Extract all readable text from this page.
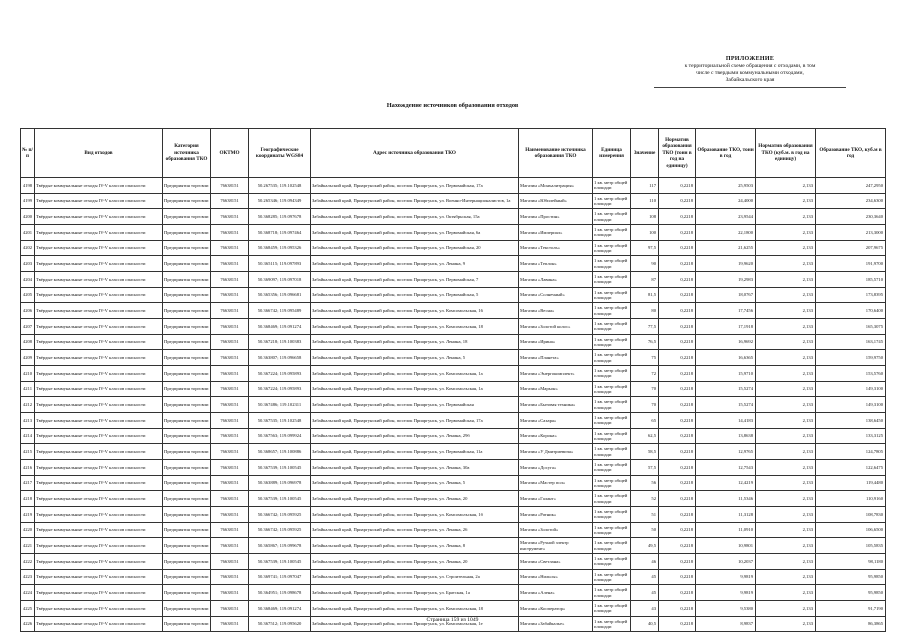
ПРИЛОЖЕНИЕ
к территориальной схеме обращения с отходами, в том
числе с твердыми коммунальными отходами,
Забайкальского края
Нахождение источников образования отходов
№ п/п	Вид отходов	Категория источника образования ТКО	ОКТМО	Географические координаты WGS84	Адрес источника образования ТКО	Наименование источника образования ТКО	Единица измерения	Значение	Норматив образования ТКО (тонн в год на единицу)	Образование ТКО, тонн в год	Норматив образования ТКО (куб.м. в год на единицу)	Образование ТКО, куб.м в год
4198	Твёрдые коммунальные отходы IV-V классов опасности	Предприятия торговли	76638151	50.267535; 119.102548	Забайкальский край, Приаргунский район, поселок Приаргунск, ул. Первомайская, 17а	Магазин «Монъалитрация»	1 кв. метр общей площади	117	0,2218	25,9503	2,133	247,2950
4199	Твёрдые коммунальные отходы IV-V классов опасности	Предприятия торговли	76638151	50.265346; 119.094349	Забайкальский край, Приаргунский район, поселок Приаргунск, ул. Военно-Интернационалистов, 1а	Магазин «Юбилейный»	1 кв. метр общей площади	110	0,2218	24,4000	2,133	234,6300
4200	Твёрдые коммунальные отходы IV-V классов опасности	Предприятия торговли	76638151	50.368285; 119.097678	Забайкальский край, Приаргунский район, поселок Приаргунск, ул. Октябрьская, 15а	Магазин «Простин»	1 кв. метр общей площади	108	0,2218	23,9544	2,133	230,3640
4201	Твёрдые коммунальные отходы IV-V классов опасности	Предприятия торговли	76638151	50.368718; 119.097464	Забайкальский край, Приаргунский район, поселок Приаргунск, ул. Первомайская, 6а	Магазин «Империал»	1 кв. метр общей площади	100	0,2218	22,1800	2,133	213,3000
4202	Твёрдые коммунальные отходы IV-V классов опасности	Предприятия торговли	76638151	50.368459; 119.095326	Забайкальский край, Приаргунский район, поселок Приаргунск, ул. Первомайская, 20	Магазин «Текстоль»	1 кв. метр общей площади	97,5	0,2218	21,6255	2,133	207,9675
4203	Твёрдые коммунальные отходы IV-V классов опасности	Предприятия торговли	76638151	50.365115; 119.097893	Забайкальский край, Приаргунский район, поселок Приаргунск, ул. Ленина, 9	Магазин «Теплон»	1 кв. метр общей площади	90	0,2218	19,9620	2,133	191,9700
4204	Твёрдые коммунальные отходы IV-V классов опасности	Предприятия торговли	76638151	50.369097; 119.097018	Забайкальский край, Приаргунский район, поселок Приаргунск, ул. Первомайская, 7	Магазин «Лавина»	1 кв. метр общей площади	87	0,2218	19,2983	2,133	185,5710
4205	Твёрдые коммунальные отходы IV-V классов опасности	Предприятия торговли	76638151	50.365356; 119.096681	Забайкальский край, Приаргунский район, поселок Приаргунск, ул. Первомайская, 5	Магазин «Солнечный»	1 кв. метр общей площади	81,5	0,2218	18,0767	2,133	173,8395
4206	Твёрдые коммунальные отходы IV-V классов опасности	Предприятия торговли	76638151	50.366742; 119.095489	Забайкальский край, Приаргунский район, поселок Приаргунск, ул. Комсомольская, 16	Магазин «Весна»	1 кв. метр общей площади	80	0,2218	17,7456	2,133	170,6400
4207	Твёрдые коммунальные отходы IV-V классов опасности	Предприятия торговли	76638151	50.368469; 119.091274	Забайкальский край, Приаргунский район, поселок Приаргунск, ул. Комсомольская, 18	Магазин «Золотой колос»	1 кв. метр общей площади	77,5	0,2218	17,1918	2,133	165,3075
4208	Твёрдые коммунальные отходы IV-V классов опасности	Предприятия торговли	76638151	50.367218; 119.100383	Забайкальский край, Приаргунский район, поселок Приаргунск, ул. Ленина, 18	Магазин «Ирина»	1 кв. метр общей площади	76,5	0,2218	16,9692	2,133	163,1745
4209	Твёрдые коммунальные отходы IV-V классов опасности	Предприятия торговли	76638151	50.363807; 119.096658	Забайкальский край, Приаргунский район, поселок Приаргунск, ул. Ленина, 5	Магазин «Планета»	1 кв. метр общей площади	75	0,2218	16,6365	2,133	159,9750
4210	Твёрдые коммунальные отходы IV-V классов опасности	Предприятия торговли	76638151	50.367224; 119.095893	Забайкальский край, Приаргунский район, поселок Приаргунск, ул. Комсомольская, 1а	Магазин «Энергокомплект»	1 кв. метр общей площади	72	0,2218	15,9710	2,133	153,5760
4211	Твёрдые коммунальные отходы IV-V классов опасности	Предприятия торговли	76638151	50.367224; 119.095893	Забайкальский край, Приаргунский район, поселок Приаргунск, ул. Комсомольская, 1а	Магазин «Марьон»	1 кв. метр общей площади	70	0,2218	15,5274	2,133	149,3100
4212	Твёрдые коммунальные отходы IV-V классов опасности	Предприятия торговли	76638151	50.367486; 119.102311	Забайкальский край, Приаргунский район, поселок Приаргунск, ул. Первомайская	Магазин «Бытовая техника»	1 кв. метр общей площади	70	0,2218	15,5274	2,133	149,3100
4213	Твёрдые коммунальные отходы IV-V классов опасности	Предприятия торговли	76638151	50.367535; 119.102548	Забайкальский край, Приаргунский район, поселок Приаргунск, ул. Первомайская, 17а	Магазин «Сахара»	1 кв. метр общей площади	65	0,2218	14,4183	2,133	138,6450
4214	Твёрдые коммунальные отходы IV-V классов опасности	Предприятия торговли	76638151	50.367563; 119.099924	Забайкальский край, Приаргунский район, поселок Приаргунск, ул. Ленина, 29б	Магазин «Корона»	1 кв. метр общей площади	62,5	0,2218	13,8638	2,133	133,3125
4215	Твёрдые коммунальные отходы IV-V классов опасности	Предприятия торговли	76638151	50.368657; 119.100886	Забайкальский край, Приаргунский район, поселок Приаргунск, ул. Первомайская, 11а	Магазин «У Дмитриевича»	1 кв. метр общей площади	58,5	0,2218	12,9765	2,133	124,7805
4216	Твёрдые коммунальные отходы IV-V классов опасности	Предприятия торговли	76638151	50.367539; 119.100545	Забайкальский край, Приаргунский район, поселок Приаргунск, ул. Ленина, 30а	Магазин «Досуга»	1 кв. метр общей площади	57,5	0,2218	12,7543	2,133	122,6475
4217	Твёрдые коммунальные отходы IV-V классов опасности	Предприятия торговли	76638151	50.363889; 119.096978	Забайкальский край, Приаргунский район, поселок Приаргунск, ул. Ленина, 5	Магазин «Мастер пол»	1 кв. метр общей площади	56	0,2218	12,4219	2,133	119,4480
4218	Твёрдые коммунальные отходы IV-V классов опасности	Предприятия торговли	76638151	50.367539; 119.100545	Забайкальский край, Приаргунский район, поселок Приаргунск, ул. Ленина, 20	Магазин «Галант»	1 кв. метр общей площади	52	0,2218	11,5346	2,133	110,9160
4219	Твёрдые коммунальные отходы IV-V классов опасности	Предприятия торговли	76638151	50.366742; 119.095925	Забайкальский край, Приаргунский район, поселок Приаргунск, ул. Комсомольская, 1б	Магазин «Ратник»	1 кв. метр общей площади	51	0,2218	11,3128	2,133	108,7830
4220	Твёрдые коммунальные отходы IV-V классов опасности	Предприятия торговли	76638151	50.366742; 119.095925	Забайкальский край, Приаргунский район, поселок Приаргунск, ул. Ленина, 26	Магазин «Золотой»	1 кв. метр общей площади	50	0,2218	11,0910	2,133	106,6500
4221	Твёрдые коммунальные отходы IV-V классов опасности	Предприятия торговли	76638151	50.365867; 119.099678	Забайкальский край, Приаргунский район, поселок Приаргунск, ул. Ленина, 8	Магазин «Ручной электр инструмент»	1 кв. метр общей площади	49,5	0,2218	10,9801	2,133	105,5835
4222	Твёрдые коммунальные отходы IV-V классов опасности	Предприятия торговли	76638151	50.367539; 119.100545	Забайкальский край, Приаргунский район, поселок Приаргунск, ул. Ленина, 20	Магазин «Светлана»	1 кв. метр общей площади	46	0,2218	10,2037	2,133	98,1180
4223	Твёрдые коммунальные отходы IV-V классов опасности	Предприятия торговли	76638151	50.369741; 119.097047	Забайкальский край, Приаргунский район, поселок Приаргунск, ул. Строительная, 2а	Магазин «Нильсы»	1 кв. метр общей площади	45	0,2218	9,9819	2,133	95,9850
4224	Твёрдые коммунальные отходы IV-V классов опасности	Предприятия торговли	76638151	50.364951; 119.098678	Забайкальский край, Приаргунский район, поселок Приаргунск, ул. Братская, 1а	Магазин «Алена»	1 кв. метр общей площади	45	0,2218	9,9819	2,133	95,9850
4225	Твёрдые коммунальные отходы IV-V классов опасности	Предприятия торговли	76638151	50.368469; 119.091274	Забайкальский край, Приаргунский район, поселок Приаргунск, ул. Комсомольская, 18	Магазин «Кооператор»	1 кв. метр общей площади	43	0,2218	9,5380	2,133	91,7190
4226	Твёрдые коммунальные отходы IV-V классов опасности	Предприятия торговли	76638151	50.367512; 119.095620	Забайкальский край, Приаргунский район, поселок Приаргунск, ул. Комсомольская, 1е	Магазин «Забайкалье»	1 кв. метр общей площади	40,5	0,2218	8,9837	2,133	86,3865
Страница 159 из 1049
